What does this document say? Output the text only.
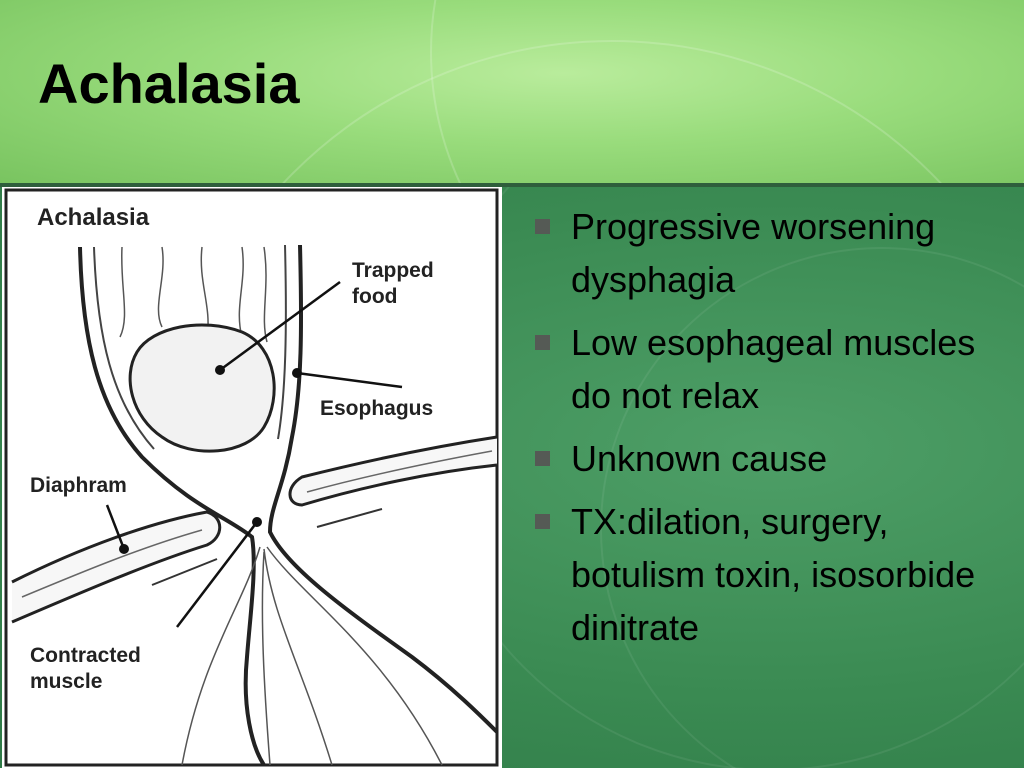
Achalasia
Achalasia
Trapped
food
Esophagus
Diaphram
Contracted
muscle
Progressive worsening dysphagia
Low esophageal muscles do not relax
Unknown cause
TX:dilation, surgery, botulism toxin, isosorbide dinitrate
